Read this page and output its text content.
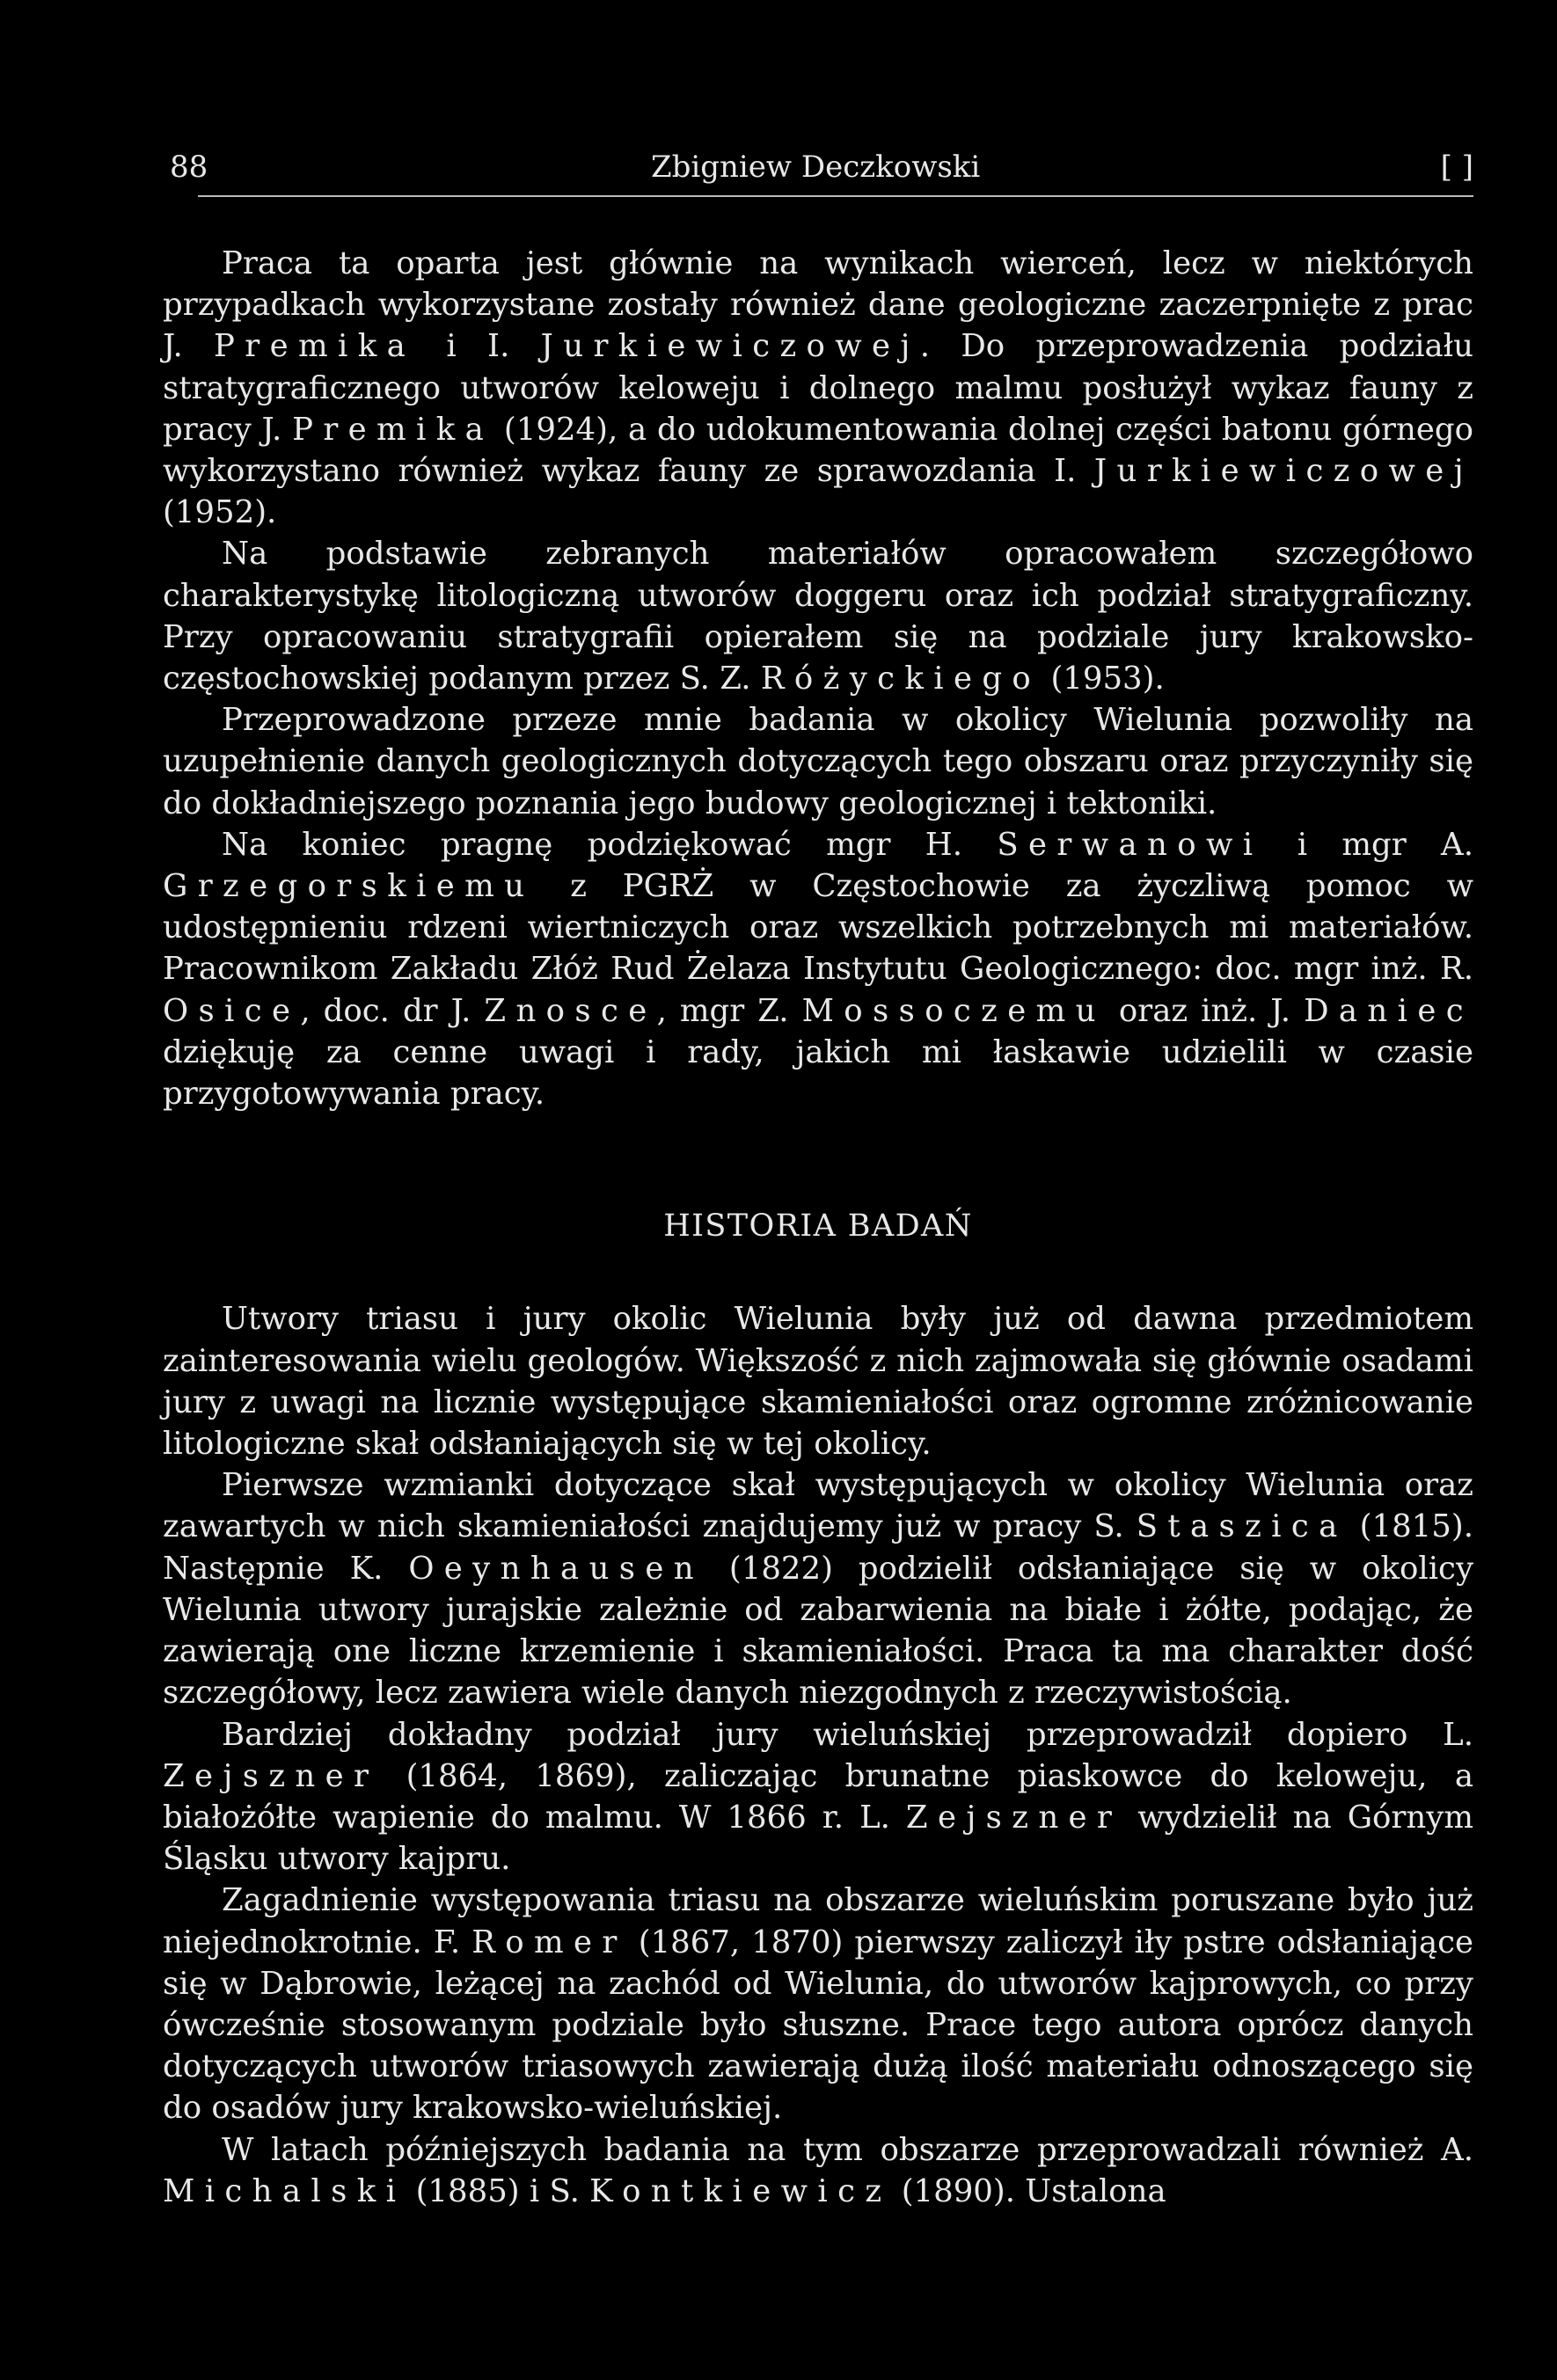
88	Zbigniew Deczkowski	[ ]

Praca ta oparta jest głównie na wynikach wierceń, lecz w niektórych przypadkach wykorzystane zostały również dane geologiczne zaczerpnięte z prac J. Premika i I. Jurkiewiczowej. Do przeprowadzenia podziału stratygraficznego utworów keloweju i dolnego malmu posłużył wykaz fauny z pracy J. Premika (1924), a do udokumentowania dolnej części batonu górnego wykorzystano również wykaz fauny ze sprawozdania I. Jurkiewiczowej (1952).

Na podstawie zebranych materiałów opracowałem szczegółowo charakterystykę litologiczną utworów doggeru oraz ich podział stratygraficzny. Przy opracowaniu stratygrafii opierałem się na podziale jury krakowsko-częstochowskiej podanym przez S. Z. Różyckiego (1953).

Przeprowadzone przeze mnie badania w okolicy Wielunia pozwoliły na uzupełnienie danych geologicznych dotyczących tego obszaru oraz przyczyniły się do dokładniejszego poznania jego budowy geologicznej i tektoniki.

Na koniec pragnę podziękować mgr H. Serwanowi i mgr A. Grzegorskiemu z PGRŻ w Częstochowie za życzliwą pomoc w udostępnieniu rdzeni wiertniczych oraz wszelkich potrzebnych mi materiałów. Pracownikom Zakładu Złóż Rud Żelaza Instytutu Geologicznego: doc. mgr inż. R. Osice, doc. dr J. Znosce, mgr Z. Mossoczemu oraz inż. J. Daniec dziękuję za cenne uwagi i rady, jakich mi łaskawie udzielili w czasie przygotowywania pracy.

HISTORIA BADAŃ

Utwory triasu i jury okolic Wielunia były już od dawna przedmiotem zainteresowania wielu geologów. Większość z nich zajmowała się głównie osadami jury z uwagi na licznie występujące skamieniałości oraz ogromne zróżnicowanie litologiczne skał odsłaniających się w tej okolicy.

Pierwsze wzmianki dotyczące skał występujących w okolicy Wielunia oraz zawartych w nich skamieniałości znajdujemy już w pracy S. Staszica (1815). Następnie K. Oeynhausen (1822) podzielił odsłaniające się w okolicy Wielunia utwory jurajskie zależnie od zabarwienia na białe i żółte, podając, że zawierają one liczne krzemienie i skamieniałości. Praca ta ma charakter dość szczegółowy, lecz zawiera wiele danych niezgodnych z rzeczywistością.

Bardziej dokładny podział jury wieluńskiej przeprowadził dopiero L. Zejszner (1864, 1869), zaliczając brunatne piaskowce do keloweju, a białożółte wapienie do malmu. W 1866 r. L. Zejszner wydzielił na Górnym Śląsku utwory kajpru.

Zagadnienie występowania triasu na obszarze wieluńskim poruszane było już niejednokrotnie. F. Romer (1867, 1870) pierwszy zaliczył iły pstre odsłaniające się w Dąbrowie, leżącej na zachód od Wielunia, do utworów kajprowych, co przy ówcześnie stosowanym podziale było słuszne. Prace tego autora oprócz danych dotyczących utworów triasowych zawierają dużą ilość materiału odnoszącego się do osadów jury krakowsko-wieluńskiej.

W latach późniejszych badania na tym obszarze przeprowadzali również A. Michalski (1885) i S. Kontkiewicz (1890). Ustalona
